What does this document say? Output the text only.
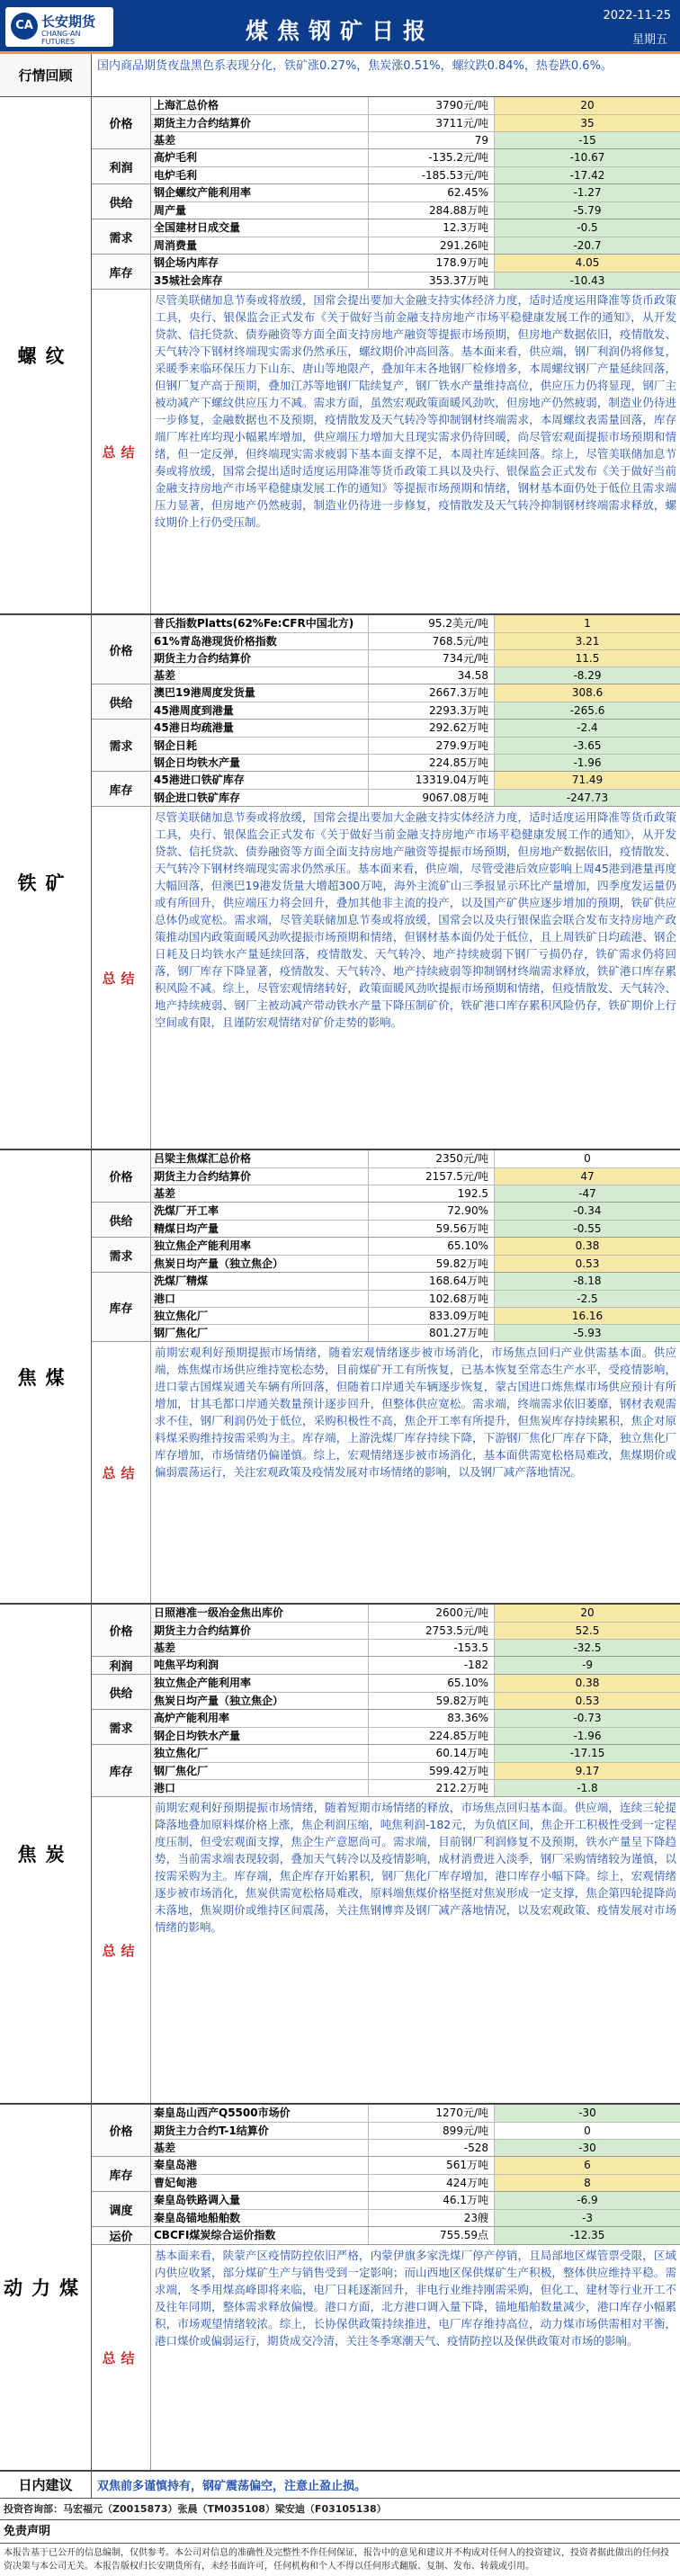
CA 长安期货
CHANG-AN FUTURES	煤焦钢矿日报
2022-11-25
星期五
行情回顾
国内商品期货夜盘黑色系表现分化，铁矿涨0.27%，焦炭涨0.51%，螺纹跌0.84%，热卷跌0.6%。
螺纹
价格
上海汇总价格	3790元/吨	20
期货主力合约结算价	3711元/吨	35
基差	79	-15
利润
高炉毛利	-135.2元/吨	-10.67
电炉毛利	-185.53元/吨	-17.42
供给
钢企螺纹产能利用率	62.45%	-1.27
周产量	284.88万吨	-5.79
需求
全国建材日成交量	12.3万吨	-0.5
周消费量	291.26吨	-20.7
库存
钢企场内库存	178.9万吨	4.05
35城社会库存	353.37万吨	-10.43
总结
尽管美联储加息节奏或将放缓，国常会提出要加大金融支持实体经济力度，适时适度运用降准等货币政策工具，央行、银保监会正式发布《关于做好当前金融支持房地产市场平稳健康发展工作的通知》，从开发贷款、信托贷款、债券融资等方面全面支持房地产融资等提振市场预期，但房地产数据依旧，疫情散发、天气转冷下钢材终端现实需求仍然承压，螺纹期价冲高回落。基本面来看，供应端，钢厂利润仍将修复，采暖季来临环保压力下山东、唐山等地限产，叠加年末各地钢厂检修增多，本周螺纹钢厂产量延续回落，但钢厂复产高于预期，叠加江苏等地钢厂陆续复产，钢厂铁水产量维持高位，供应压力仍将显现，钢厂主被动减产下螺纹供应压力不减。需求方面，虽然宏观政策面暖风劲吹，但房地产仍然疲弱，制造业仍待进一步修复，金融数据也不及预期，疫情散发及天气转冷等抑制钢材终端需求，本周螺纹表需量回落，库存端厂库社库均现小幅累库增加，供应端压力增加大且现实需求仍待回暖，尚尽管宏观面提振市场预期和情绪，但一定反弹，但终端现实需求疲弱下基本面支撑不足，本周社库延续回落。综上，尽管美联储加息节奏或将放缓，国常会提出适时适度运用降准等货币政策工具以及央行、银保监会正式发布《关于做好当前金融支持房地产市场平稳健康发展工作的通知》等提振市场预期和情绪，钢材基本面仍处于低位且需求端压力显著，但房地产仍然疲弱，制造业仍待进一步修复，疫情散发及天气转冷抑制钢材终端需求释放，螺纹期价上行仍受压制。
铁矿
价格
普氏指数Platts(62%Fe:CFR中国北方)	95.2美元/吨	1
61%青岛港现货价格指数	768.5元/吨	3.21
期货主力合约结算价	734元/吨	11.5
基差	34.58	-8.29
供给
澳巴19港周度发货量	2667.3万吨	308.6
45港周度到港量	2293.3万吨	-265.6
需求
45港日均疏港量	292.62万吨	-2.4
钢企日耗	279.9万吨	-3.65
钢企日均铁水产量	224.85万吨	-1.96
库存
45港进口铁矿库存	13319.04万吨	71.49
钢企进口铁矿库存	9067.08万吨	-247.73
总结
尽管美联储加息节奏或将放缓，国常会提出要加大金融支持实体经济力度，适时适度运用降准等货币政策工具，央行、银保监会正式发布《关于做好当前金融支持房地产市场平稳健康发展工作的通知》，从开发贷款、信托贷款、债券融资等方面全面支持房地产融资等提振市场预期，但房地产数据依旧，疫情散发、天气转冷下钢材终端现实需求仍然承压。基本面来看，供应端，尽管受港后效应影响上周45港到港量再度大幅回落，但澳巴19港发货量大增超300万吨，海外主流矿山三季报显示环比产量增加，四季度发运量仍或有所回升，供应端压力将会回升，叠加其他非主流的投产，以及国产矿供应逐步增加的预期，铁矿供应总体仍或宽松。需求端，尽管美联储加息节奏或将放缓，国常会以及央行银保监会联合发布支持房地产政策推动国内政策面暖风劲吹提振市场预期和情绪，但钢材基本面仍处于低位，且上周铁矿日均疏港、钢企日耗及日均铁水产量延续回落，疫情散发、天气转冷、地产持续疲弱下钢厂亏损仍存，铁矿需求仍将回落，钢厂库存下降显著，疫情散发、天气转冷、地产持续疲弱等抑制钢材终端需求释放，铁矿港口库存累积风险不减。综上，尽管宏观情绪转好，政策面暖风劲吹提振市场预期和情绪，但疫情散发、天气转冷、地产持续疲弱、钢厂主被动减产带动铁水产量下降压制矿价，铁矿港口库存累积风险仍存，铁矿期价上行空间或有限，且谨防宏观情绪对矿价走势的影响。
焦煤
价格
吕梁主焦煤汇总价格	2350元/吨	0
期货主力合约结算价	2157.5元/吨	47
基差	192.5	-47
供给
洗煤厂开工率	72.90%	-0.34
精煤日均产量	59.56万吨	-0.55
需求
独立焦企产能利用率	65.10%	0.38
焦炭日均产量（独立焦企）	59.82万吨	0.53
库存
洗煤厂精煤	168.64万吨	-8.18
港口	102.68万吨	-2.5
独立焦化厂	833.09万吨	16.16
钢厂焦化厂	801.27万吨	-5.93
总结
前期宏观利好预期提振市场情绪，随着宏观情绪逐步被市场消化，市场焦点回归产业供需基本面。供应端，炼焦煤市场供应维持宽松态势，目前煤矿开工有所恢复，已基本恢复至常态生产水平，受疫情影响，进口蒙古国煤炭通关车辆有所回落，但随着口岸通关车辆逐步恢复，蒙古国进口炼焦煤市场供应预计有所增加，甘其毛都口岸通关数量预计逐步回升，但整体供应宽松。需求端，终端需求依旧萎靡，钢材表观需求不佳，钢厂利润仍处于低位，采购积极性不高，焦企开工率有所提升，但焦炭库存持续累积，焦企对原料煤采购维持按需采购为主。库存端，上游洗煤厂库存持续下降，下游钢厂焦化厂库存下降，独立焦化厂库存增加，市场情绪仍偏谨慎。综上，宏观情绪逐步被市场消化，基本面供需宽松格局难改，焦煤期价或偏弱震荡运行，关注宏观政策及疫情发展对市场情绪的影响，以及钢厂减产落地情况。
焦炭
价格
日照港准一级冶金焦出库价	2600元/吨	20
期货主力合约结算价	2753.5元/吨	52.5
基差	-153.5	-32.5
利润	吨焦平均利润	-182	-9
供给
独立焦企产能利用率	65.10%	0.38
焦炭日均产量（独立焦企）	59.82万吨	0.53
需求
高炉产能利用率	83.36%	-0.73
钢企日均铁水产量	224.85万吨	-1.96
库存
独立焦化厂	60.14万吨	-17.15
钢厂焦化厂	599.42万吨	9.17
港口	212.2万吨	-1.8
总结
前期宏观利好预期提振市场情绪，随着短期市场情绪的释放，市场焦点回归基本面。供应端，连续三轮提降落地叠加原料煤价格上涨，焦企利润压缩，吨焦利润-182元，为负值区间，焦企开工积极性受到一定程度压制，但受宏观面支撑，焦企生产意愿尚可。需求端，目前钢厂利润修复不及预期，铁水产量呈下降趋势，当前需求端表现较弱，叠加天气转冷以及疫情影响，成材消费进入淡季，钢厂采购情绪较为谨慎，以按需采购为主。库存端，焦企库存开始累积，钢厂焦化厂库存增加，港口库存小幅下降。综上，宏观情绪逐步被市场消化，焦炭供需宽松格局难改，原料端焦煤价格坚挺对焦炭形成一定支撑，焦企第四轮提降尚未落地，焦炭期价或维持区间震荡，关注焦钢博弈及钢厂减产落地情况，以及宏观政策、疫情发展对市场情绪的影响。
动力煤
价格
秦皇岛山西产Q5500市场价	1270元/吨	-30
期货主力合约T-1结算价	899元/吨	0
基差	-528	-30
库存
秦皇岛港	561万吨	6
曹妃甸港	424万吨	8
调度
秦皇岛铁路调入量	46.1万吨	-6.9
秦皇岛锚地船舶数	23艘	-3
运价	CBCFI煤炭综合运价指数	755.59点	-12.35
总结
基本面来看，陕蒙产区疫情防控依旧严格，内蒙伊旗多家洗煤厂停产停销，且局部地区煤管票受限，区域内供应收紧，部分煤矿生产与销售受到一定影响；而山西地区保供煤矿生产积极，整体供应维持平稳。需求端，冬季用煤高峰即将来临，电厂日耗逐渐回升，非电行业维持刚需采购，但化工、建材等行业开工不及往年同期，整体需求释放偏慢。港口方面，北方港口调入量下降，锚地船舶数量减少，港口库存小幅累积，市场观望情绪较浓。综上，长协保供政策持续推进，电厂库存维持高位，动力煤市场供需相对平衡，港口煤价或偏弱运行，期货成交冷清，关注冬季寒潮天气、疫情防控以及保供政策对市场的影响。
日内建议	双焦前多谨慎持有，钢矿震荡偏空，注意止盈止损。
投资咨询部：马宏福元（Z0015873）张晨（TM035108）梁安迪（F03105138）
免责声明
本报告基于已公开的信息编制，仅供参考。本公司对信息的准确性及完整性不作任何保证，报告中的意见和建议并不构成对任何人的投资建议，投资者据此做出的任何投资决策与本公司无关。本报告版权归长安期货所有，未经书面许可，任何机构和个人不得以任何形式翻版、复制、发布、转载或引用。
